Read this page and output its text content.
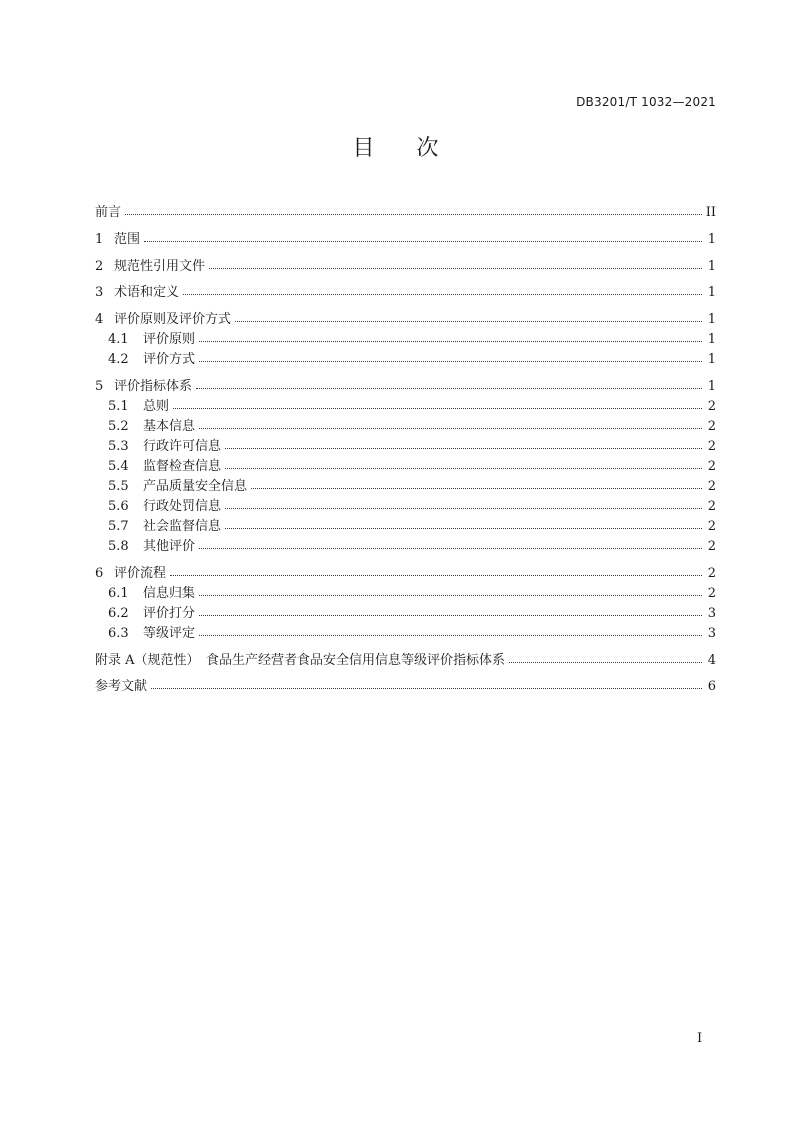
DB3201/T 1032—2021
目 次
前言	II
1 范围	1
2 规范性引用文件	1
3 术语和定义	1
4 评价原则及评价方式	1
4.1	评价原则	1
4.2	评价方式	1
5 评价指标体系	1
5.1	总则	2
5.2	基本信息	2
5.3	行政许可信息	2
5.4	监督检查信息	2
5.5	产品质量安全信息	2
5.6	行政处罚信息	2
5.7	社会监督信息	2
5.8	其他评价	2
6 评价流程	2
6.1	信息归集	2
6.2	评价打分	3
6.3	等级评定	3
附录 A（规范性）　食品生产经营者食品安全信用信息等级评价指标体系	4
参考文献	6
I
